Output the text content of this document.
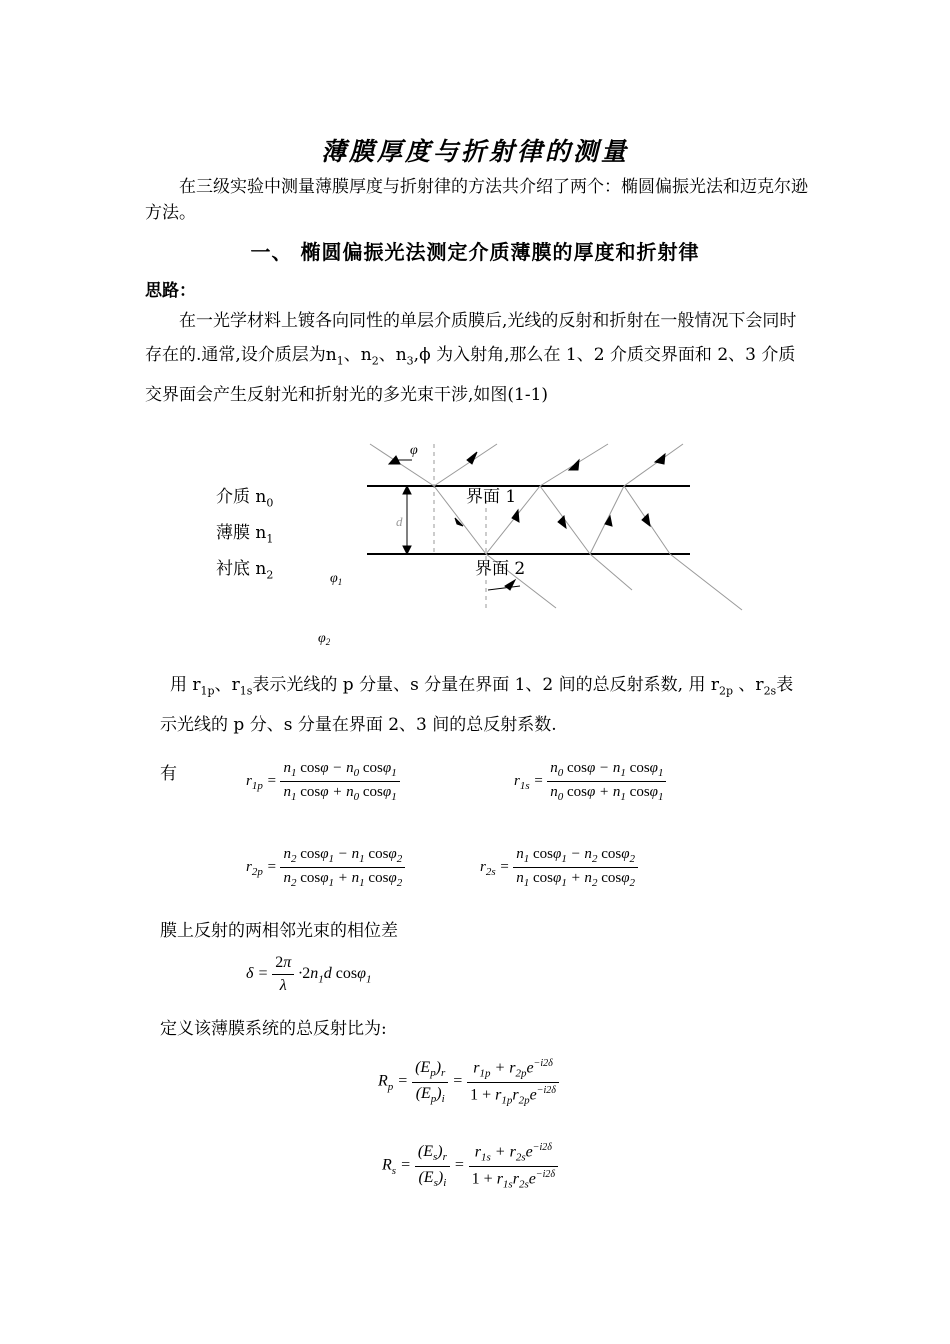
薄膜厚度与折射律的测量
在三级实验中测量薄膜厚度与折射律的方法共介绍了两个：椭圆偏振光法和迈克尔逊方法。
一、 椭圆偏振光法测定介质薄膜的厚度和折射律
思路：
在一光学材料上镀各向同性的单层介质膜后,光线的反射和折射在一般情况下会同时存在的.通常,设介质层为$n_1$、$n_2$、$n_3,\phi$ 为入射角,那么在 1、2 介质交界面和 2、3 介质交界面会产生反射光和折射光的多光束干涉,如图(1-1)
φ
$\varphi_1$
$\varphi_2$
d
介质 $n_0$
薄膜 $n_1$
衬底 $n_2$
界面 1
界面 2
用 $r_{1p}$、$r_{1s}$表示光线的 p 分量、s 分量在界面 1、2 间的总反射系数, 用 $r_{2p}$ 、$r_{2s}$表示光线的 p 分、s 分量在界面 2、3 间的总反射系数.
有	$r_{1p} = \frac{n_1 \cos\varphi - n_0 \cos\varphi_1}{n_1 \cos\varphi + n_0 \cos\varphi_1}$	$r_{1s} = \frac{n_0 \cos\varphi - n_1 \cos\varphi_1}{n_0 \cos\varphi + n_1 \cos\varphi_1}$
$r_{2p} = \frac{n_2 \cos\varphi_1 - n_1 \cos\varphi_2}{n_2 \cos\varphi_1 + n_1 \cos\varphi_2}$	$r_{2s} = \frac{n_1 \cos\varphi_1 - n_2 \cos\varphi_2}{n_1 \cos\varphi_1 + n_2 \cos\varphi_2}$
膜上反射的两相邻光束的相位差
$\delta = \frac{2\pi}{\lambda} \cdot 2n_1d$ cosφ$_1$
定义该薄膜系统的总反射比为:
$R_p = \frac{(E_p)_r}{(E_p)_i} = \frac{r_{1p} + r_{2p}e^{-i2\delta}}{1 + r_{1p}r_{2p}e^{-i2\delta}}$
$R_s = \frac{(E_s)_r}{(E_s)_i} = \frac{r_{1s} + r_{2s}e^{-i2\delta}}{1 + r_{1s}r_{2s}e^{-i2\delta}}$
